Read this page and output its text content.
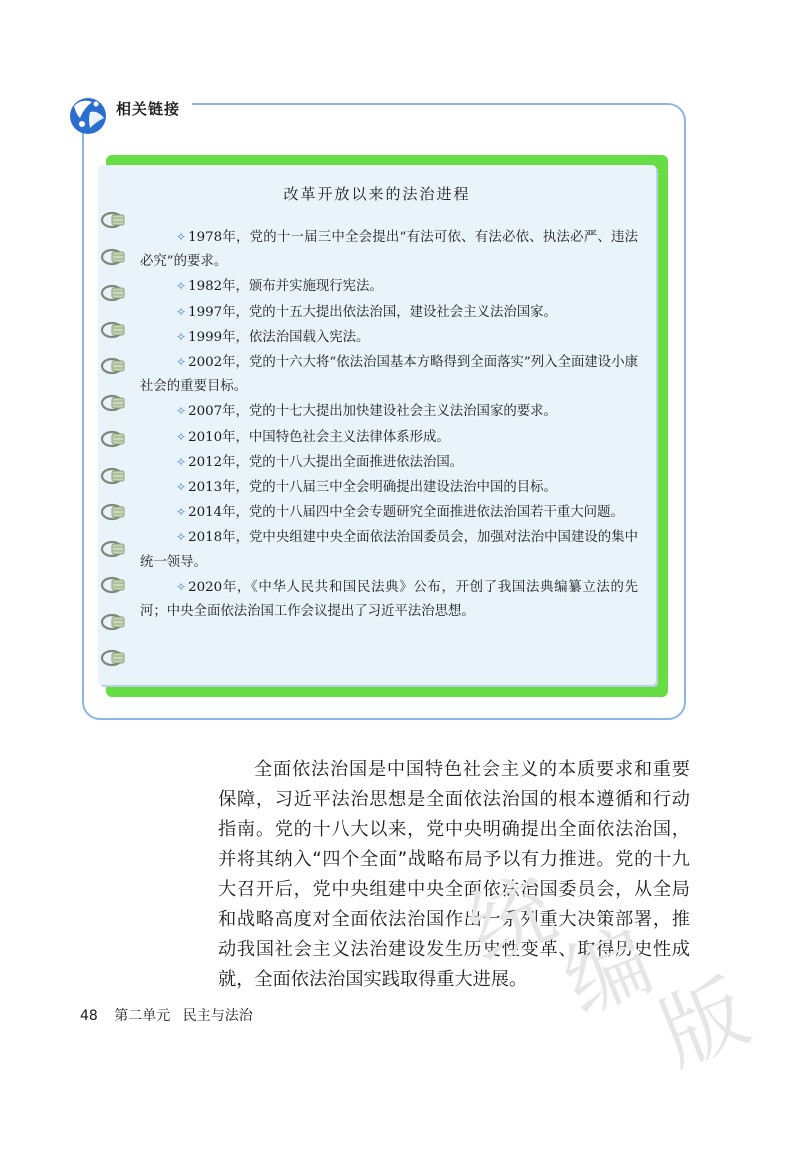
相关链接
改革开放以来的法治进程

✧ 1978年，党的十一届三中全会提出“有法可依、有法必依、执法必严、违法必究”的要求。

✧ 1982年，颁布并实施现行宪法。

✧ 1997年，党的十五大提出依法治国，建设社会主义法治国家。

✧ 1999年，依法治国载入宪法。

✧ 2002年，党的十六大将“依法治国基本方略得到全面落实”列入全面建设小康社会的重要目标。

✧ 2007年，党的十七大提出加快建设社会主义法治国家的要求。

✧ 2010年，中国特色社会主义法律体系形成。

✧ 2012年，党的十八大提出全面推进依法治国。

✧ 2013年，党的十八届三中全会明确提出建设法治中国的目标。

✧ 2014年，党的十八届四中全会专题研究全面推进依法治国若干重大问题。

✧ 2018年，党中央组建中央全面依法治国委员会，加强对法治中国建设的集中统一领导。

✧ 2020年，《中华人民共和国民法典》公布，开创了我国法典编纂立法的先河；中央全面依法治国工作会议提出了习近平法治思想。

全面依法治国是中国特色社会主义的本质要求和重要保障，习近平法治思想是全面依法治国的根本遵循和行动指南。党的十八大以来，党中央明确提出全面依法治国，并将其纳入“四个全面”战略布局予以有力推进。党的十九大召开后，党中央组建中央全面依法治国委员会，从全局和战略高度对全面依法治国作出一系列重大决策部署，推动我国社会主义法治建设发生历史性变革、取得历史性成就，全面依法治国实践取得重大进展。

统
编
版
48 第二单元 民主与法治
